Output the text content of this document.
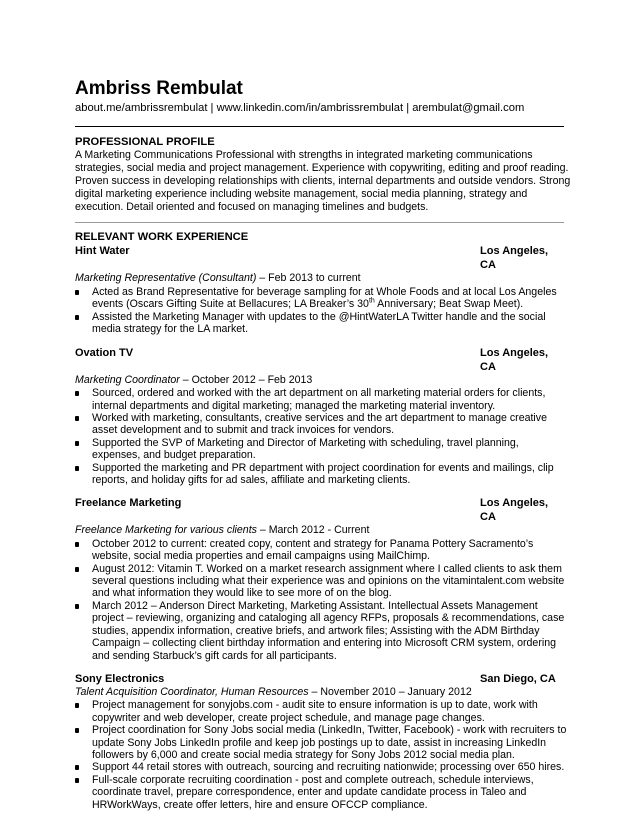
Ambriss Rembulat
about.me/ambrissrembulat | www.linkedin.com/in/ambrissrembulat | arembulat@gmail.com
PROFESSIONAL PROFILE
A Marketing Communications Professional with strengths in integrated marketing communications
strategies, social media and project management. Experience with copywriting, editing and proof reading.
Proven success in developing relationships with clients, internal departments and outside vendors. Strong
digital marketing experience including website management, social media planning, strategy and
execution. Detail oriented and focused on managing timelines and budgets.
RELEVANT WORK EXPERIENCE
Hint Water	Los Angeles, CA
Marketing Representative (Consultant) – Feb 2013 to current
Acted as Brand Representative for beverage sampling for at Whole Foods and at local Los Angeles
events (Oscars Gifting Suite at Bellacures; LA Breaker’s 30th Anniversary; Beat Swap Meet).
Assisted the Marketing Manager with updates to the @HintWaterLA Twitter handle and the social
media strategy for the LA market.
Ovation TV	Los Angeles, CA
Marketing Coordinator – October 2012 – Feb 2013
Sourced, ordered and worked with the art department on all marketing material orders for clients,
internal departments and digital marketing; managed the marketing material inventory.
Worked with marketing, consultants, creative services and the art department to manage creative
asset development and to submit and track invoices for vendors.
Supported the SVP of Marketing and Director of Marketing with scheduling, travel planning,
expenses, and budget preparation.
Supported the marketing and PR department with project coordination for events and mailings, clip
reports, and holiday gifts for ad sales, affiliate and marketing clients.
Freelance Marketing	Los Angeles, CA
Freelance Marketing for various clients – March 2012 - Current
October 2012 to current: created copy, content and strategy for Panama Pottery Sacramento’s
website, social media properties and email campaigns using MailChimp.
August 2012: Vitamin T. Worked on a market research assignment where I called clients to ask them
several questions including what their experience was and opinions on the vitamintalent.com website
and what information they would like to see more of on the blog.
March 2012 – Anderson Direct Marketing, Marketing Assistant. Intellectual Assets Management
project – reviewing, organizing and cataloging all agency RFPs, proposals & recommendations, case
studies, appendix information, creative briefs, and artwork files; Assisting with the ADM Birthday
Campaign – collecting client birthday information and entering into Microsoft CRM system, ordering
and sending Starbuck’s gift cards for all participants.
Sony Electronics	San Diego, CA
Talent Acquisition Coordinator, Human Resources – November 2010 – January 2012
Project management for sonyjobs.com - audit site to ensure information is up to date, work with
copywriter and web developer, create project schedule, and manage page changes.
Project coordination for Sony Jobs social media (LinkedIn, Twitter, Facebook) - work with recruiters to
update Sony Jobs LinkedIn profile and keep job postings up to date, assist in increasing LinkedIn
followers by 6,000 and create social media strategy for Sony Jobs 2012 social media plan.
Support 44 retail stores with outreach, sourcing and recruiting nationwide; processing over 650 hires.
Full-scale corporate recruiting coordination - post and complete outreach, schedule interviews,
coordinate travel, prepare correspondence, enter and update candidate process in Taleo and
HRWorkWays, create offer letters, hire and ensure OFCCP compliance.
